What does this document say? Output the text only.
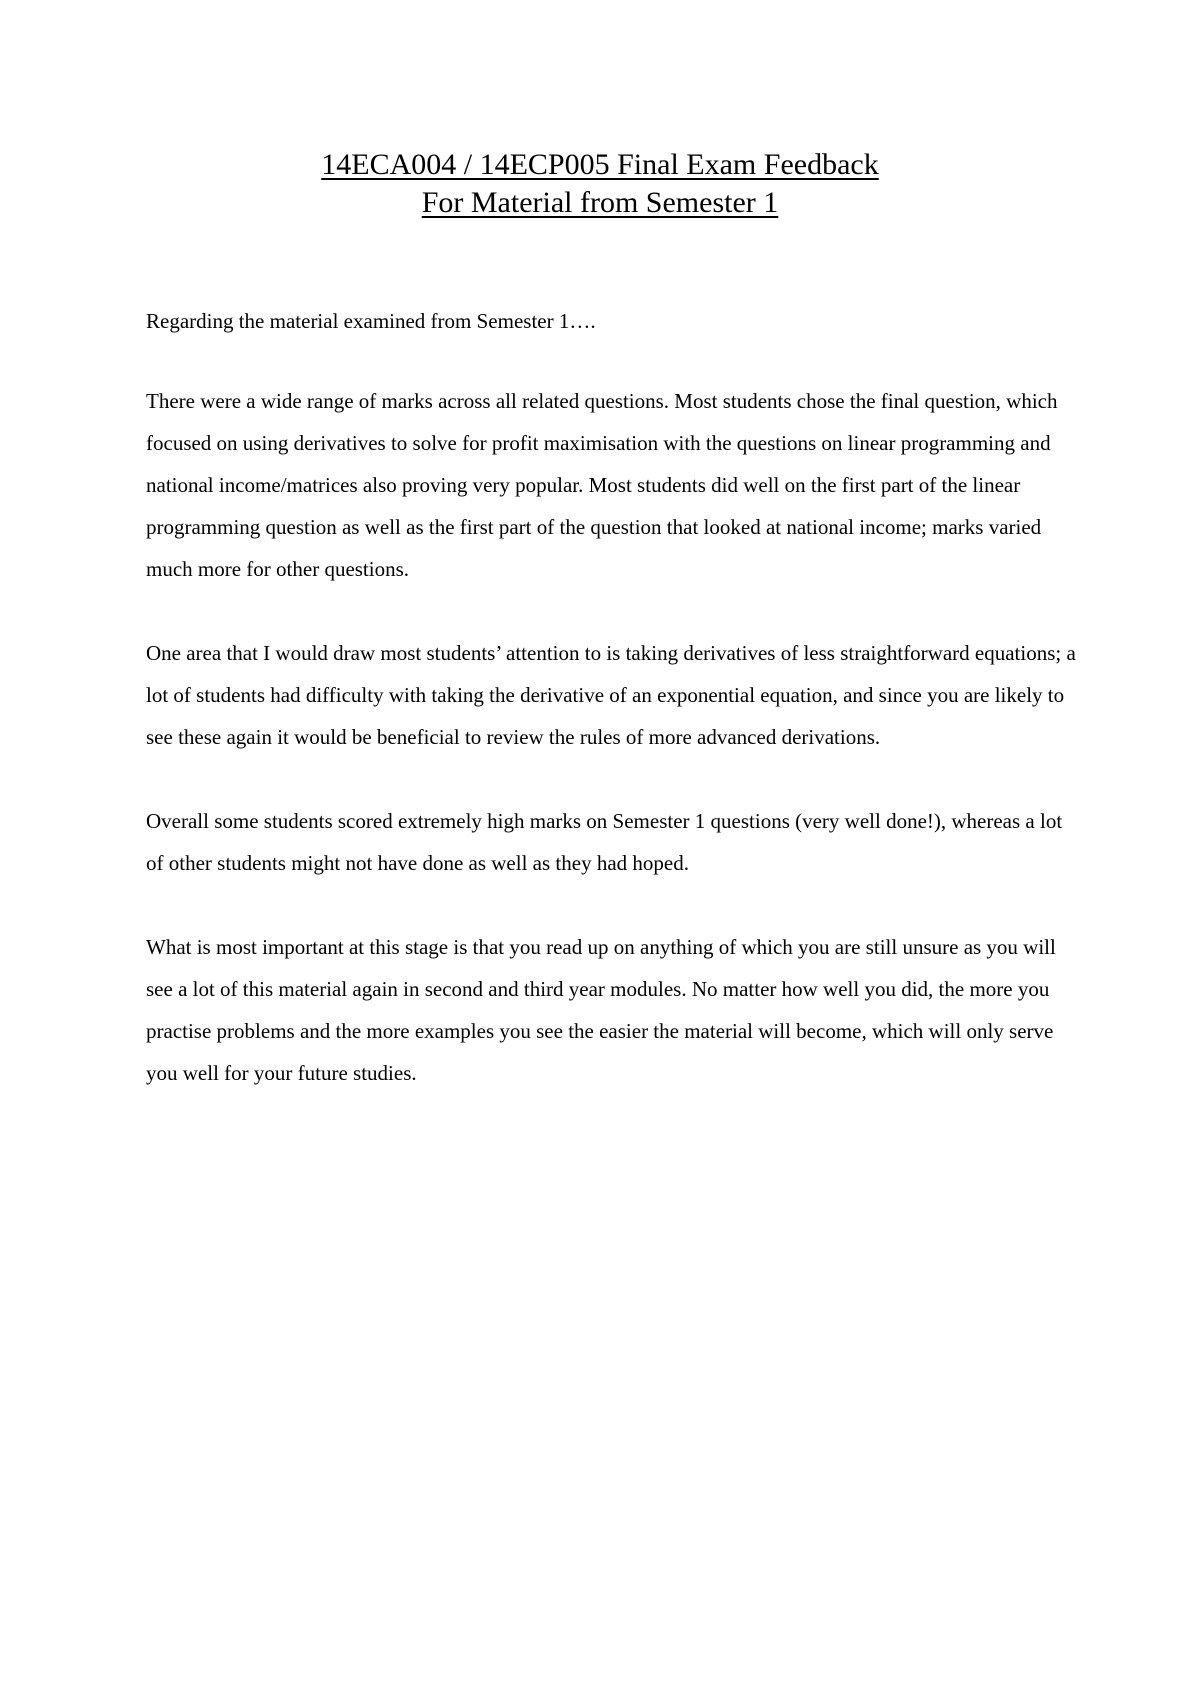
14ECA004 / 14ECP005 Final Exam Feedback
For Material from Semester 1

Regarding the material examined from Semester 1….

There were a wide range of marks across all related questions. Most students chose the final question, which focused on using derivatives to solve for profit maximisation with the questions on linear programming and national income/matrices also proving very popular. Most students did well on the first part of the linear programming question as well as the first part of the question that looked at national income; marks varied much more for other questions.

One area that I would draw most students’ attention to is taking derivatives of less straightforward equations; a lot of students had difficulty with taking the derivative of an exponential equation, and since you are likely to see these again it would be beneficial to review the rules of more advanced derivations.

Overall some students scored extremely high marks on Semester 1 questions (very well done!), whereas a lot of other students might not have done as well as they had hoped.

What is most important at this stage is that you read up on anything of which you are still unsure as you will see a lot of this material again in second and third year modules. No matter how well you did, the more you practise problems and the more examples you see the easier the material will become, which will only serve you well for your future studies.
